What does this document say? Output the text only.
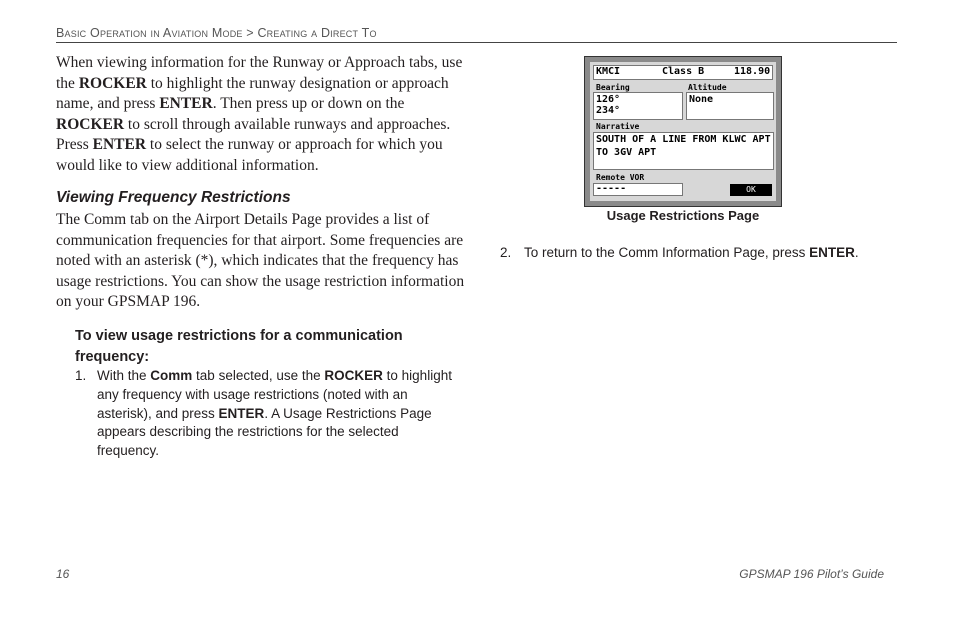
Basic Operation in Aviation Mode > Creating a Direct To

When viewing information for the Runway or Approach tabs, use the ROCKER to highlight the runway designation or approach name, and press ENTER. Then press up or down on the ROCKER to scroll through available runways and approaches. Press ENTER to select the runway or approach for which you would like to view additional information.

Viewing Frequency Restrictions

The Comm tab on the Airport Details Page provides a list of communication frequencies for that airport. Some frequencies are noted with an asterisk (*), which indicates that the frequency has usage restrictions. You can show the usage restriction information on your GPSMAP 196.

To view usage restrictions for a communication frequency:
1. With the Comm tab selected, use the ROCKER to highlight any frequency with usage restrictions (noted with an asterisk), and press ENTER. A Usage Restrictions Page appears describing the restrictions for the selected frequency.
KMCI	Class B	118.90
Bearing
126°
234°
Altitude
None
Narrative
SOUTH OF A LINE FROM KLWC APT
TO 3GV APT
Remote VOR
-----	OK
Usage Restrictions Page
2. To return to the Comm Information Page, press ENTER.
16	GPSMAP 196 Pilot’s Guide
